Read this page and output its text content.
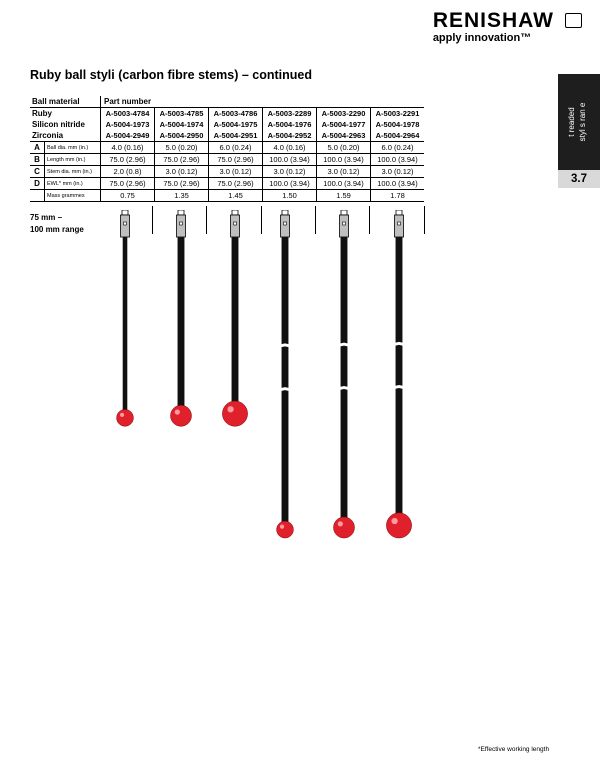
RENISHAW
apply innovation™
Ruby ball styli (carbon fibre stems) – continued
t readed styl s ran e
3.7
Ball material		Part number					
Ruby		A-5003-4784	A-5003-4785	A-5003-4786	A-5003-2289	A-5003-2290	A-5003-2291
Silicon nitride		A-5004-1973	A-5004-1974	A-5004-1975	A-5004-1976	A-5004-1977	A-5004-1978
Zirconia		A-5004-2949	A-5004-2950	A-5004-2951	A-5004-2952	A-5004-2963	A-5004-2964
A	Ball dia. mm (in.)	4.0 (0.16)	5.0 (0.20)	6.0 (0.24)	4.0 (0.16)	5.0 (0.20)	6.0 (0.24)
B	Length mm (in.)	75.0 (2.96)	75.0 (2.96)	75.0 (2.96)	100.0 (3.94)	100.0 (3.94)	100.0 (3.94)
C	Stem dia. mm (in.)	2.0 (0.8)	3.0 (0.12)	3.0 (0.12)	3.0 (0.12)	3.0 (0.12)	3.0 (0.12)
D	EWL* mm (in.)	75.0 (2.96)	75.0 (2.96)	75.0 (2.96)	100.0 (3.94)	100.0 (3.94)	100.0 (3.94)
	Mass grammes	0.75	1.35	1.45	1.50	1.59	1.78
75 mm –
100 mm range
*Effective working length
